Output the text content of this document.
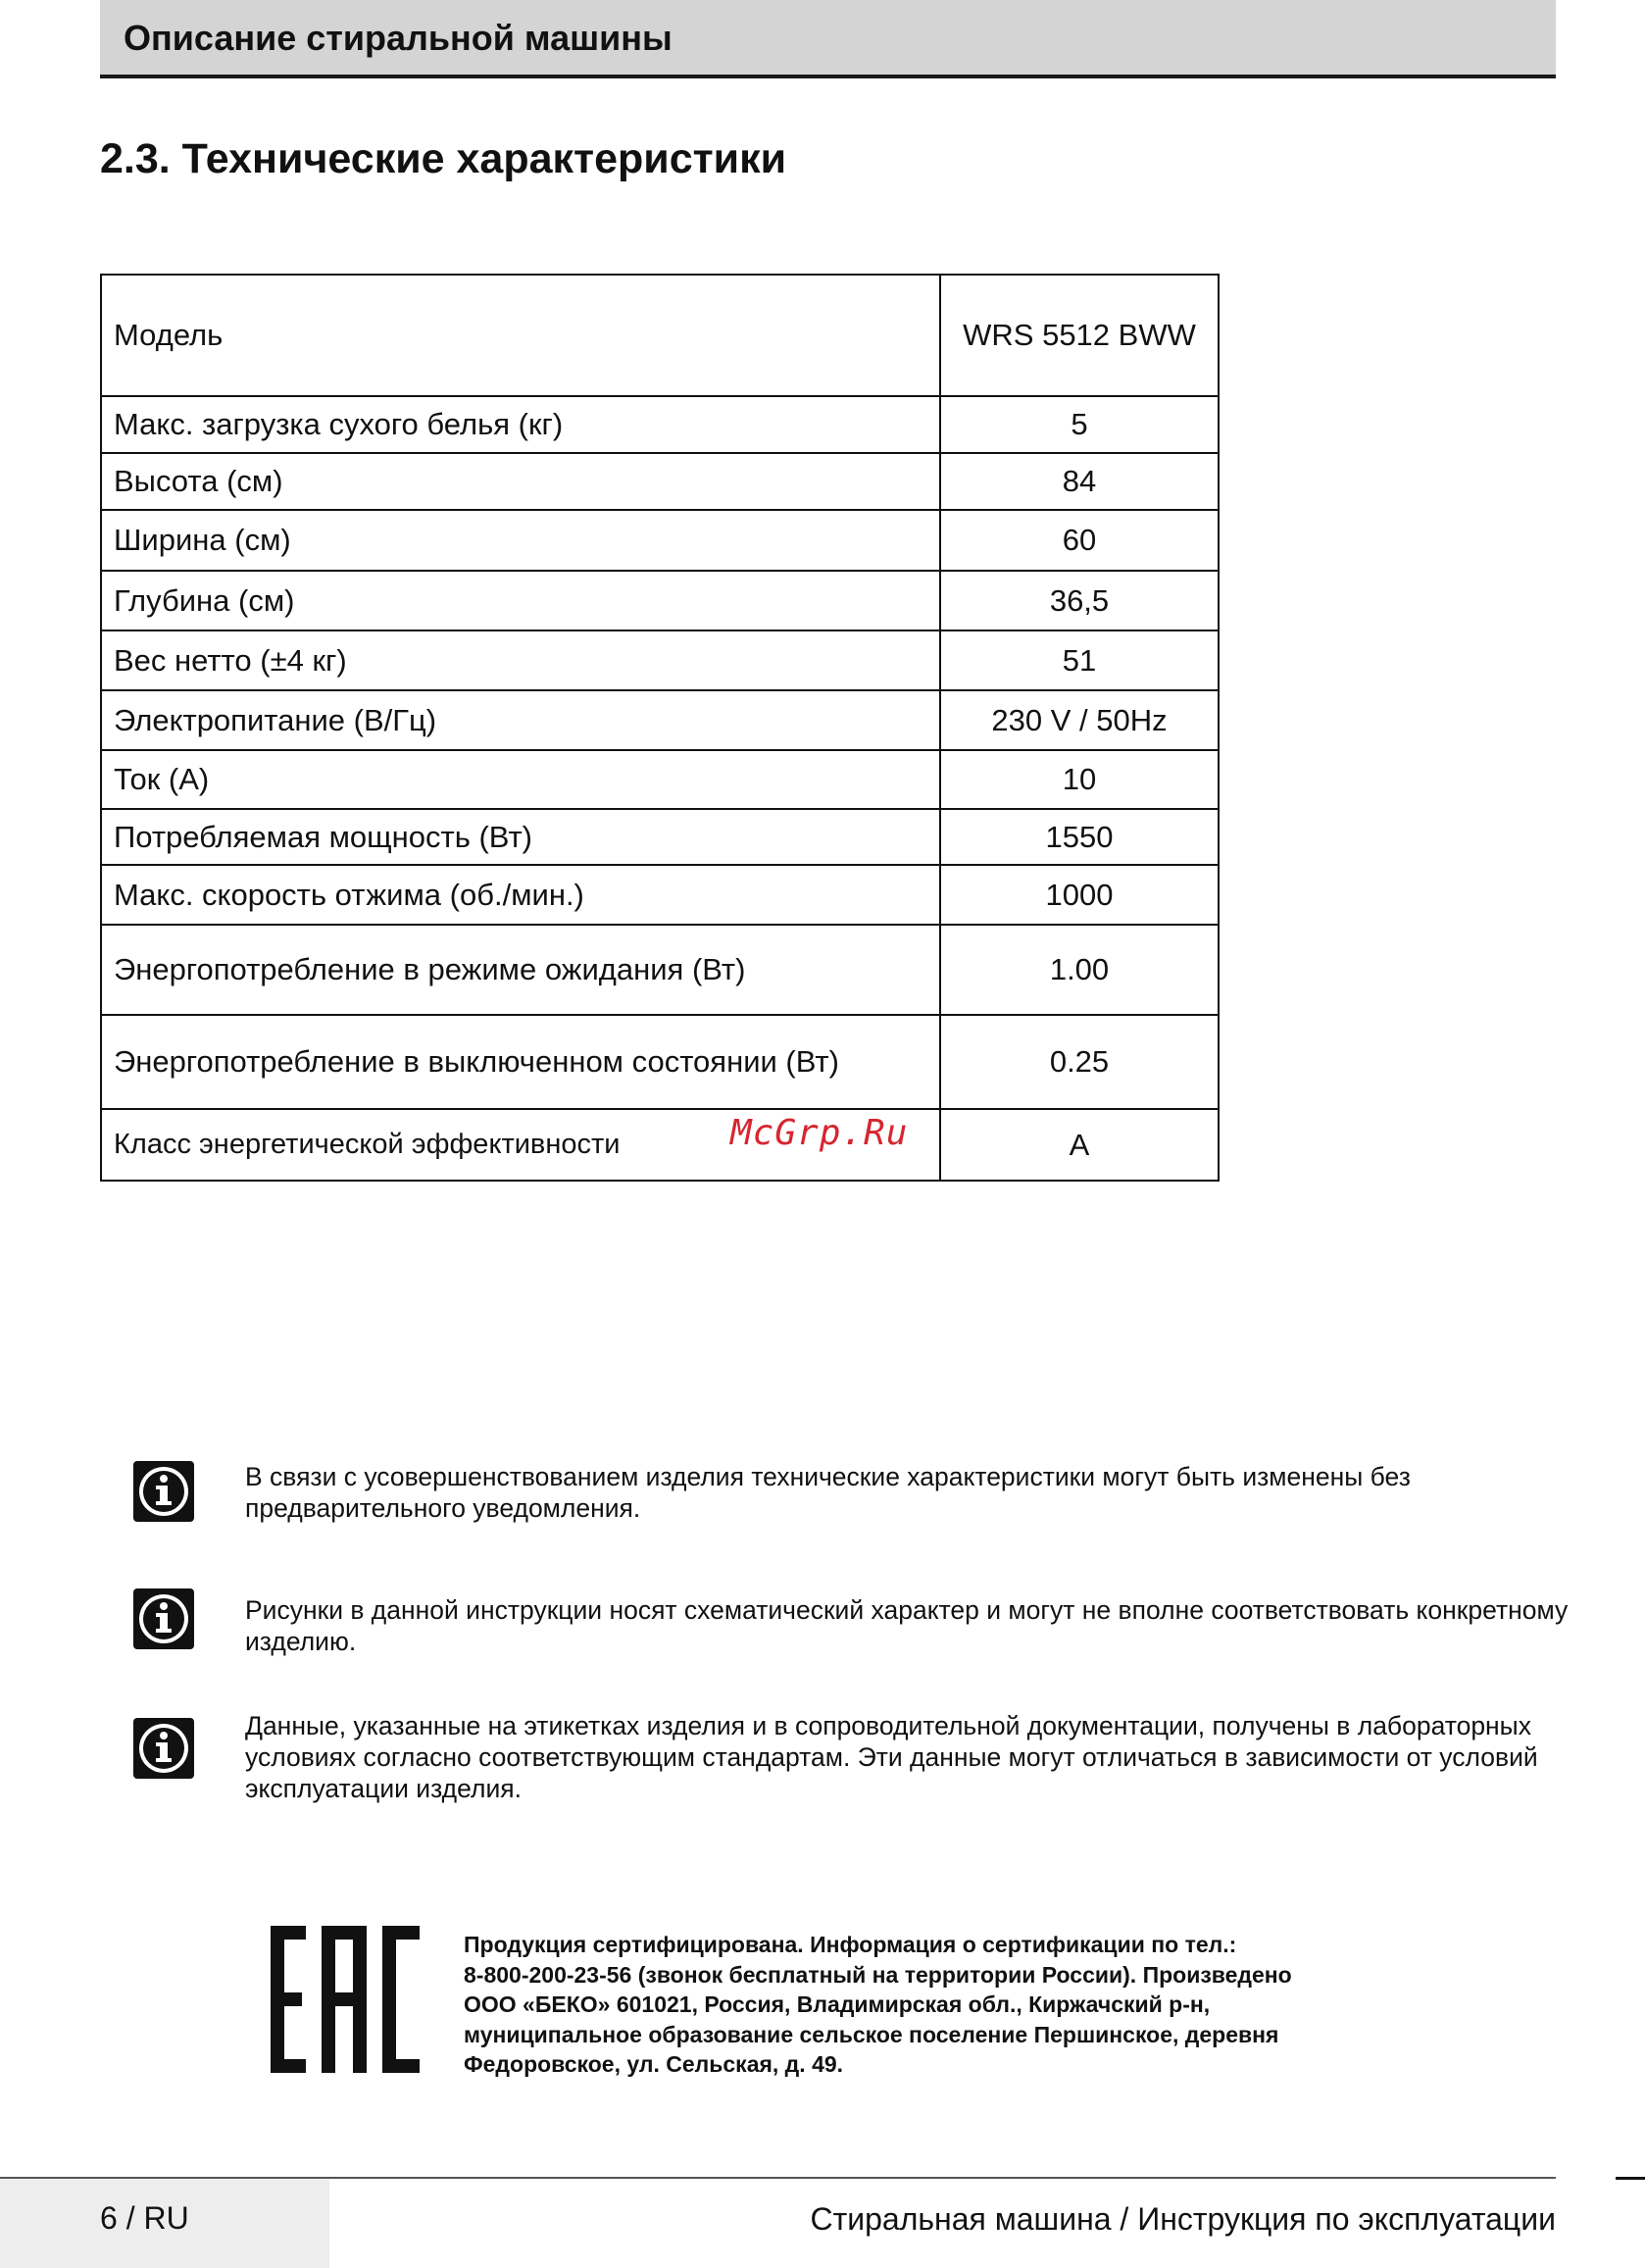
Описание стиральной машины
2.3. Технические характеристики
Модель	WRS 5512 BWW
Макс. загрузка сухого белья (кг)	5
Высота (см)	84
Ширина (см)	60
Глубина (см)	36,5
Вес нетто (±4 кг)	51
Электропитание (В/Гц)	230 V / 50Hz
Ток (А)	10
Потребляемая мощность (Вт)	1550
Макс. скорость отжима (об./мин.)	1000
Энергопотребление в режиме ожидания (Вт)	1.00
Энергопотребление в выключенном состоянии (Вт)	0.25
Класс энергетической эффективности	A
McGrp.Ru
В связи с усовершенствованием изделия технические характеристики могут быть изменены без предварительного уведомления.
Рисунки в данной инструкции носят схематический характер и могут не вполне соответствовать конкретному изделию.
Данные, указанные на этикетках изделия и в сопроводительной документации, получены в лабораторных условиях согласно соответствующим стандартам. Эти данные могут отличаться в зависимости от условий эксплуатации изделия.
Продукция сертифицирована. Информация о сертификации по тел.:
8-800-200-23-56 (звонок бесплатный на территории России). Произведено
ООО «БЕКО» 601021, Россия, Владимирская обл., Киржачский р-н,
муниципальное образование сельское поселение Першинское, деревня
Федоровское, ул. Сельская, д. 49.
6 / RU	Стиральная машина / Инструкция по эксплуатации
